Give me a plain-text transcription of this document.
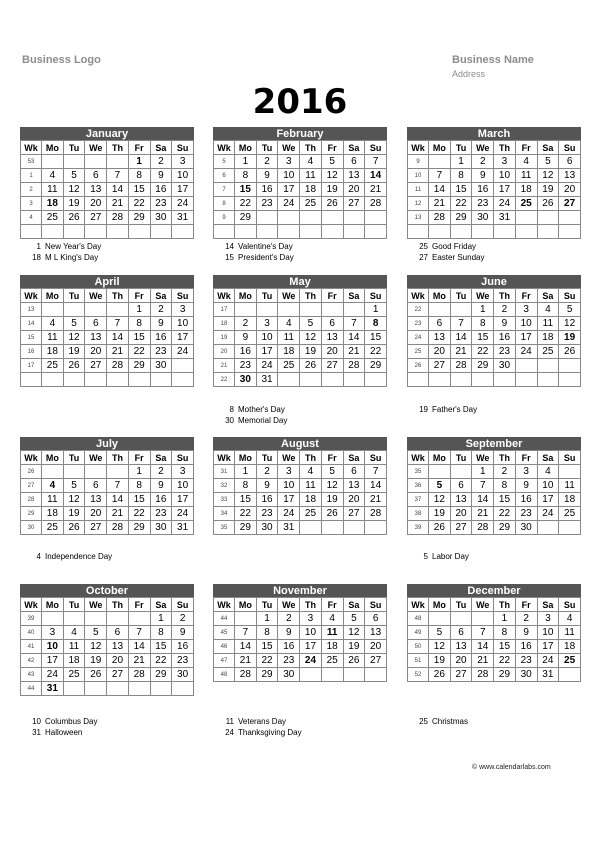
Business Logo	Business Name
Address
2016
January
Wk	Mo	Tu	We	Th	Fr	Sa	Su
53					1	2	3
1	4	5	6	7	8	9	10
2	11	12	13	14	15	16	17
3	18	19	20	21	22	23	24
4	25	26	27	28	29	30	31

1 New Year's Day
18 M L King's Day
February
Wk	Mo	Tu	We	Th	Fr	Sa	Su
5	1	2	3	4	5	6	7
6	8	9	10	11	12	13	14
7	15	16	17	18	19	20	21
8	22	23	24	25	26	27	28
9	29						

14 Valentine's Day
15 President's Day
March
Wk	Mo	Tu	We	Th	Fr	Sa	Su
9		1	2	3	4	5	6
10	7	8	9	10	11	12	13
11	14	15	16	17	18	19	20
12	21	22	23	24	25	26	27
13	28	29	30	31			

25 Good Friday
27 Easter Sunday
April
Wk	Mo	Tu	We	Th	Fr	Sa	Su
13					1	2	3
14	4	5	6	7	8	9	10
15	11	12	13	14	15	16	17
16	18	19	20	21	22	23	24
17	25	26	27	28	29	30	

May
Wk	Mo	Tu	We	Th	Fr	Sa	Su
17							1
18	2	3	4	5	6	7	8
19	9	10	11	12	13	14	15
20	16	17	18	19	20	21	22
21	23	24	25	26	27	28	29
22	30	31					
8 Mother's Day
30 Memorial Day
June
Wk	Mo	Tu	We	Th	Fr	Sa	Su
22			1	2	3	4	5
23	6	7	8	9	10	11	12
24	13	14	15	16	17	18	19
25	20	21	22	23	24	25	26
26	27	28	29	30			

19 Father's Day
July
Wk	Mo	Tu	We	Th	Fr	Sa	Su
26					1	2	3
27	4	5	6	7	8	9	10
28	11	12	13	14	15	16	17
29	18	19	20	21	22	23	24
30	25	26	27	28	29	30	31
4 Independence Day
August
Wk	Mo	Tu	We	Th	Fr	Sa	Su
31	1	2	3	4	5	6	7
32	8	9	10	11	12	13	14
33	15	16	17	18	19	20	21
34	22	23	24	25	26	27	28
35	29	30	31				
September
Wk	Mo	Tu	We	Th	Fr	Sa	Su
35			1	2	3	4	
36	5	6	7	8	9	10	11
37	12	13	14	15	16	17	18
38	19	20	21	22	23	24	25
39	26	27	28	29	30		
5 Labor Day
October
Wk	Mo	Tu	We	Th	Fr	Sa	Su
39						1	2
40	3	4	5	6	7	8	9
41	10	11	12	13	14	15	16
42	17	18	19	20	21	22	23
43	24	25	26	27	28	29	30
44	31						
10 Columbus Day
31 Halloween
November
Wk	Mo	Tu	We	Th	Fr	Sa	Su
44		1	2	3	4	5	6
45	7	8	9	10	11	12	13
46	14	15	16	17	18	19	20
47	21	22	23	24	25	26	27
48	28	29	30				
11 Veterans Day
24 Thanksgiving Day
December
Wk	Mo	Tu	We	Th	Fr	Sa	Su
48				1	2	3	4
49	5	6	7	8	9	10	11
50	12	13	14	15	16	17	18
51	19	20	21	22	23	24	25
52	26	27	28	29	30	31	
25 Christmas
© www.calendarlabs.com
